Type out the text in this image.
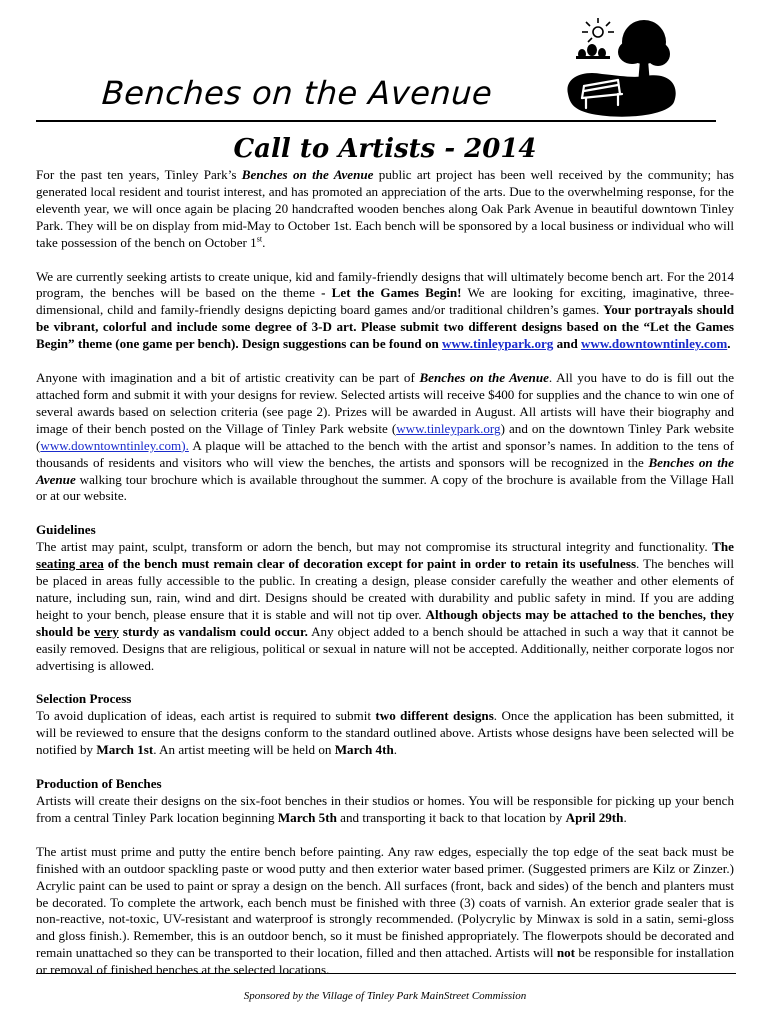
Benches on the Avenue
Call to Artists - 2014

For the past ten years, Tinley Park’s Benches on the Avenue public art project has been well received by the community; has generated local resident and tourist interest, and has promoted an appreciation of the arts. Due to the overwhelming response, for the eleventh year, we will once again be placing 20 handcrafted wooden benches along Oak Park Avenue in beautiful downtown Tinley Park. They will be on display from mid-May to October 1st. Each bench will be sponsored by a local business or individual who will take possession of the bench on October 1st.

We are currently seeking artists to create unique, kid and family-friendly designs that will ultimately become bench art. For the 2014 program, the benches will be based on the theme - Let the Games Begin! We are looking for exciting, imaginative, three-dimensional, child and family-friendly designs depicting board games and/or traditional children’s games. Your portrayals should be vibrant, colorful and include some degree of 3-D art. Please submit two different designs based on the “Let the Games Begin” theme (one game per bench). Design suggestions can be found on www.tinleypark.org and www.downtowntinley.com.

Anyone with imagination and a bit of artistic creativity can be part of Benches on the Avenue. All you have to do is fill out the attached form and submit it with your designs for review. Selected artists will receive $400 for supplies and the chance to win one of several awards based on selection criteria (see page 2). Prizes will be awarded in August. All artists will have their biography and image of their bench posted on the Village of Tinley Park website (www.tinleypark.org) and on the downtown Tinley Park website (www.downtowntinley.com). A plaque will be attached to the bench with the artist and sponsor’s names. In addition to the tens of thousands of residents and visitors who will view the benches, the artists and sponsors will be recognized in the Benches on the Avenue walking tour brochure which is available throughout the summer. A copy of the brochure is available from the Village Hall or at our website.

Guidelines

The artist may paint, sculpt, transform or adorn the bench, but may not compromise its structural integrity and functionality. The seating area of the bench must remain clear of decoration except for paint in order to retain its usefulness. The benches will be placed in areas fully accessible to the public. In creating a design, please consider carefully the weather and other elements of nature, including sun, rain, wind and dirt. Designs should be created with durability and public safety in mind. If you are adding height to your bench, please ensure that it is stable and will not tip over. Although objects may be attached to the benches, they should be very sturdy as vandalism could occur. Any object added to a bench should be attached in such a way that it cannot be easily removed. Designs that are religious, political or sexual in nature will not be accepted. Additionally, neither corporate logos nor advertising is allowed.

Selection Process

To avoid duplication of ideas, each artist is required to submit two different designs. Once the application has been submitted, it will be reviewed to ensure that the designs conform to the standard outlined above. Artists whose designs have been selected will be notified by March 1st. An artist meeting will be held on March 4th.

Production of Benches

Artists will create their designs on the six-foot benches in their studios or homes. You will be responsible for picking up your bench from a central Tinley Park location beginning March 5th and transporting it back to that location by April 29th.

The artist must prime and putty the entire bench before painting. Any raw edges, especially the top edge of the seat back must be finished with an outdoor spackling paste or wood putty and then exterior water based primer. (Suggested primers are Kilz or Zinzer.) Acrylic paint can be used to paint or spray a design on the bench. All surfaces (front, back and sides) of the bench and planters must be decorated. To complete the artwork, each bench must be finished with three (3) coats of varnish. An exterior grade sealer that is non-reactive, not-toxic, UV-resistant and waterproof is strongly recommended. (Polycrylic by Minwax is sold in a satin, semi-gloss and gloss finish.). Remember, this is an outdoor bench, so it must be finished appropriately. The flowerpots should be decorated and remain unattached so they can be transported to their location, filled and then attached. Artists will not be responsible for installation or removal of finished benches at the selected locations.

Sponsored by the Village of Tinley Park MainStreet Commission
